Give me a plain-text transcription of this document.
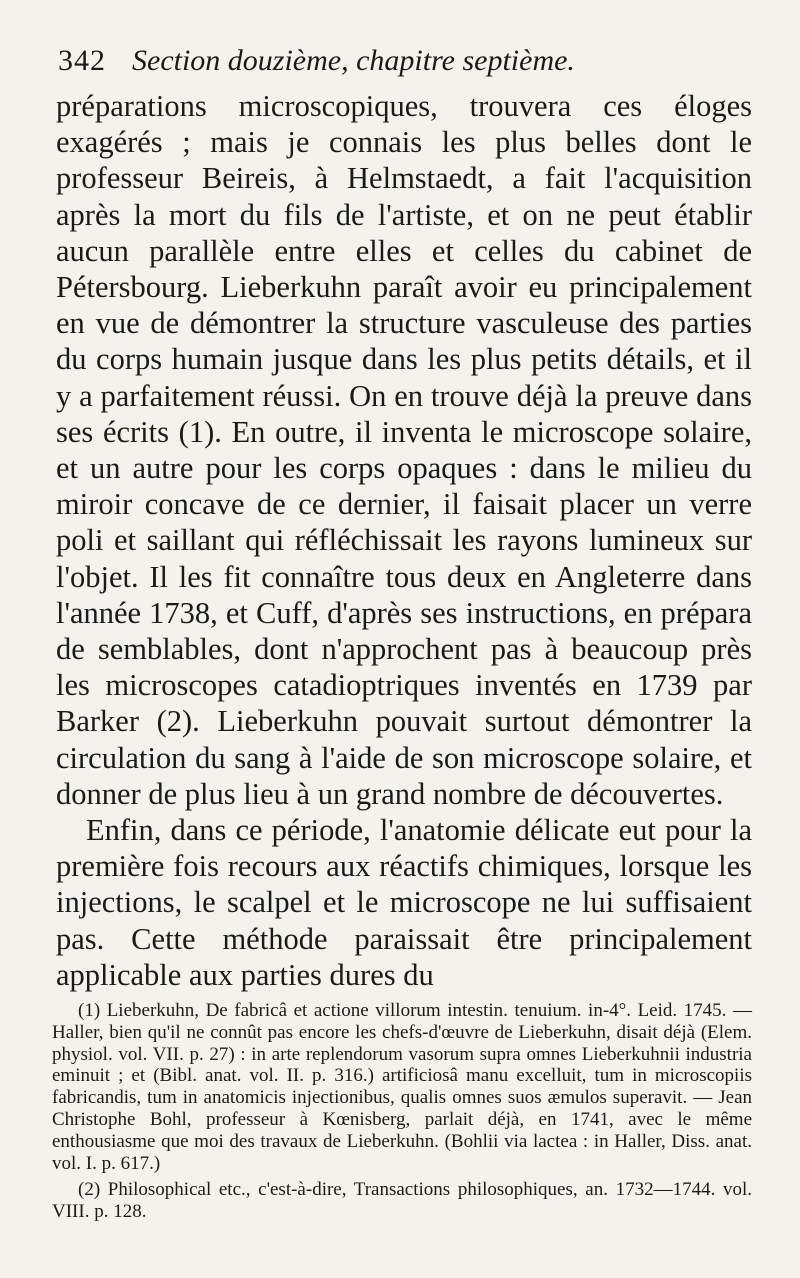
342 Section douzième, chapitre septième.

préparations microscopiques, trouvera ces éloges exagérés ; mais je connais les plus belles dont le professeur Beireis, à Helmstaedt, a fait l'acquisition après la mort du fils de l'artiste, et on ne peut établir aucun parallèle entre elles et celles du cabinet de Pétersbourg. Lieberkuhn paraît avoir eu principalement en vue de démontrer la structure vasculeuse des parties du corps humain jusque dans les plus petits détails, et il y a parfaitement réussi. On en trouve déjà la preuve dans ses écrits (1). En outre, il inventa le microscope solaire, et un autre pour les corps opaques : dans le milieu du miroir concave de ce dernier, il faisait placer un verre poli et saillant qui réfléchissait les rayons lumineux sur l'objet. Il les fit connaître tous deux en Angleterre dans l'année 1738, et Cuff, d'après ses instructions, en prépara de semblables, dont n'approchent pas à beaucoup près les microscopes catadioptriques inventés en 1739 par Barker (2). Lieberkuhn pouvait surtout démontrer la circulation du sang à l'aide de son microscope solaire, et donner de plus lieu à un grand nombre de découvertes.

Enfin, dans ce période, l'anatomie délicate eut pour la première fois recours aux réactifs chimiques, lorsque les injections, le scalpel et le microscope ne lui suffisaient pas. Cette méthode paraissait être principalement applicable aux parties dures du

(1) Lieberkuhn, De fabricâ et actione villorum intestin. tenuium. in-4°. Leid. 1745. — Haller, bien qu'il ne connût pas encore les chefs-d'œuvre de Lieberkuhn, disait déjà (Elem. physiol. vol. VII. p. 27) : in arte replendorum vasorum supra omnes Lieberkuhnii industria eminuit ; et (Bibl. anat. vol. II. p. 316.) artificiosâ manu excelluit, tum in microscopiis fabricandis, tum in anatomicis injectionibus, qualis omnes suos æmulos superavit. — Jean Christophe Bohl, professeur à Kœnisberg, parlait déjà, en 1741, avec le même enthousiasme que moi des travaux de Lieberkuhn. (Bohlii via lactea : in Haller, Diss. anat. vol. I. p. 617.)

(2) Philosophical etc., c'est-à-dire, Transactions philosophiques, an. 1732—1744. vol. VIII. p. 128.
